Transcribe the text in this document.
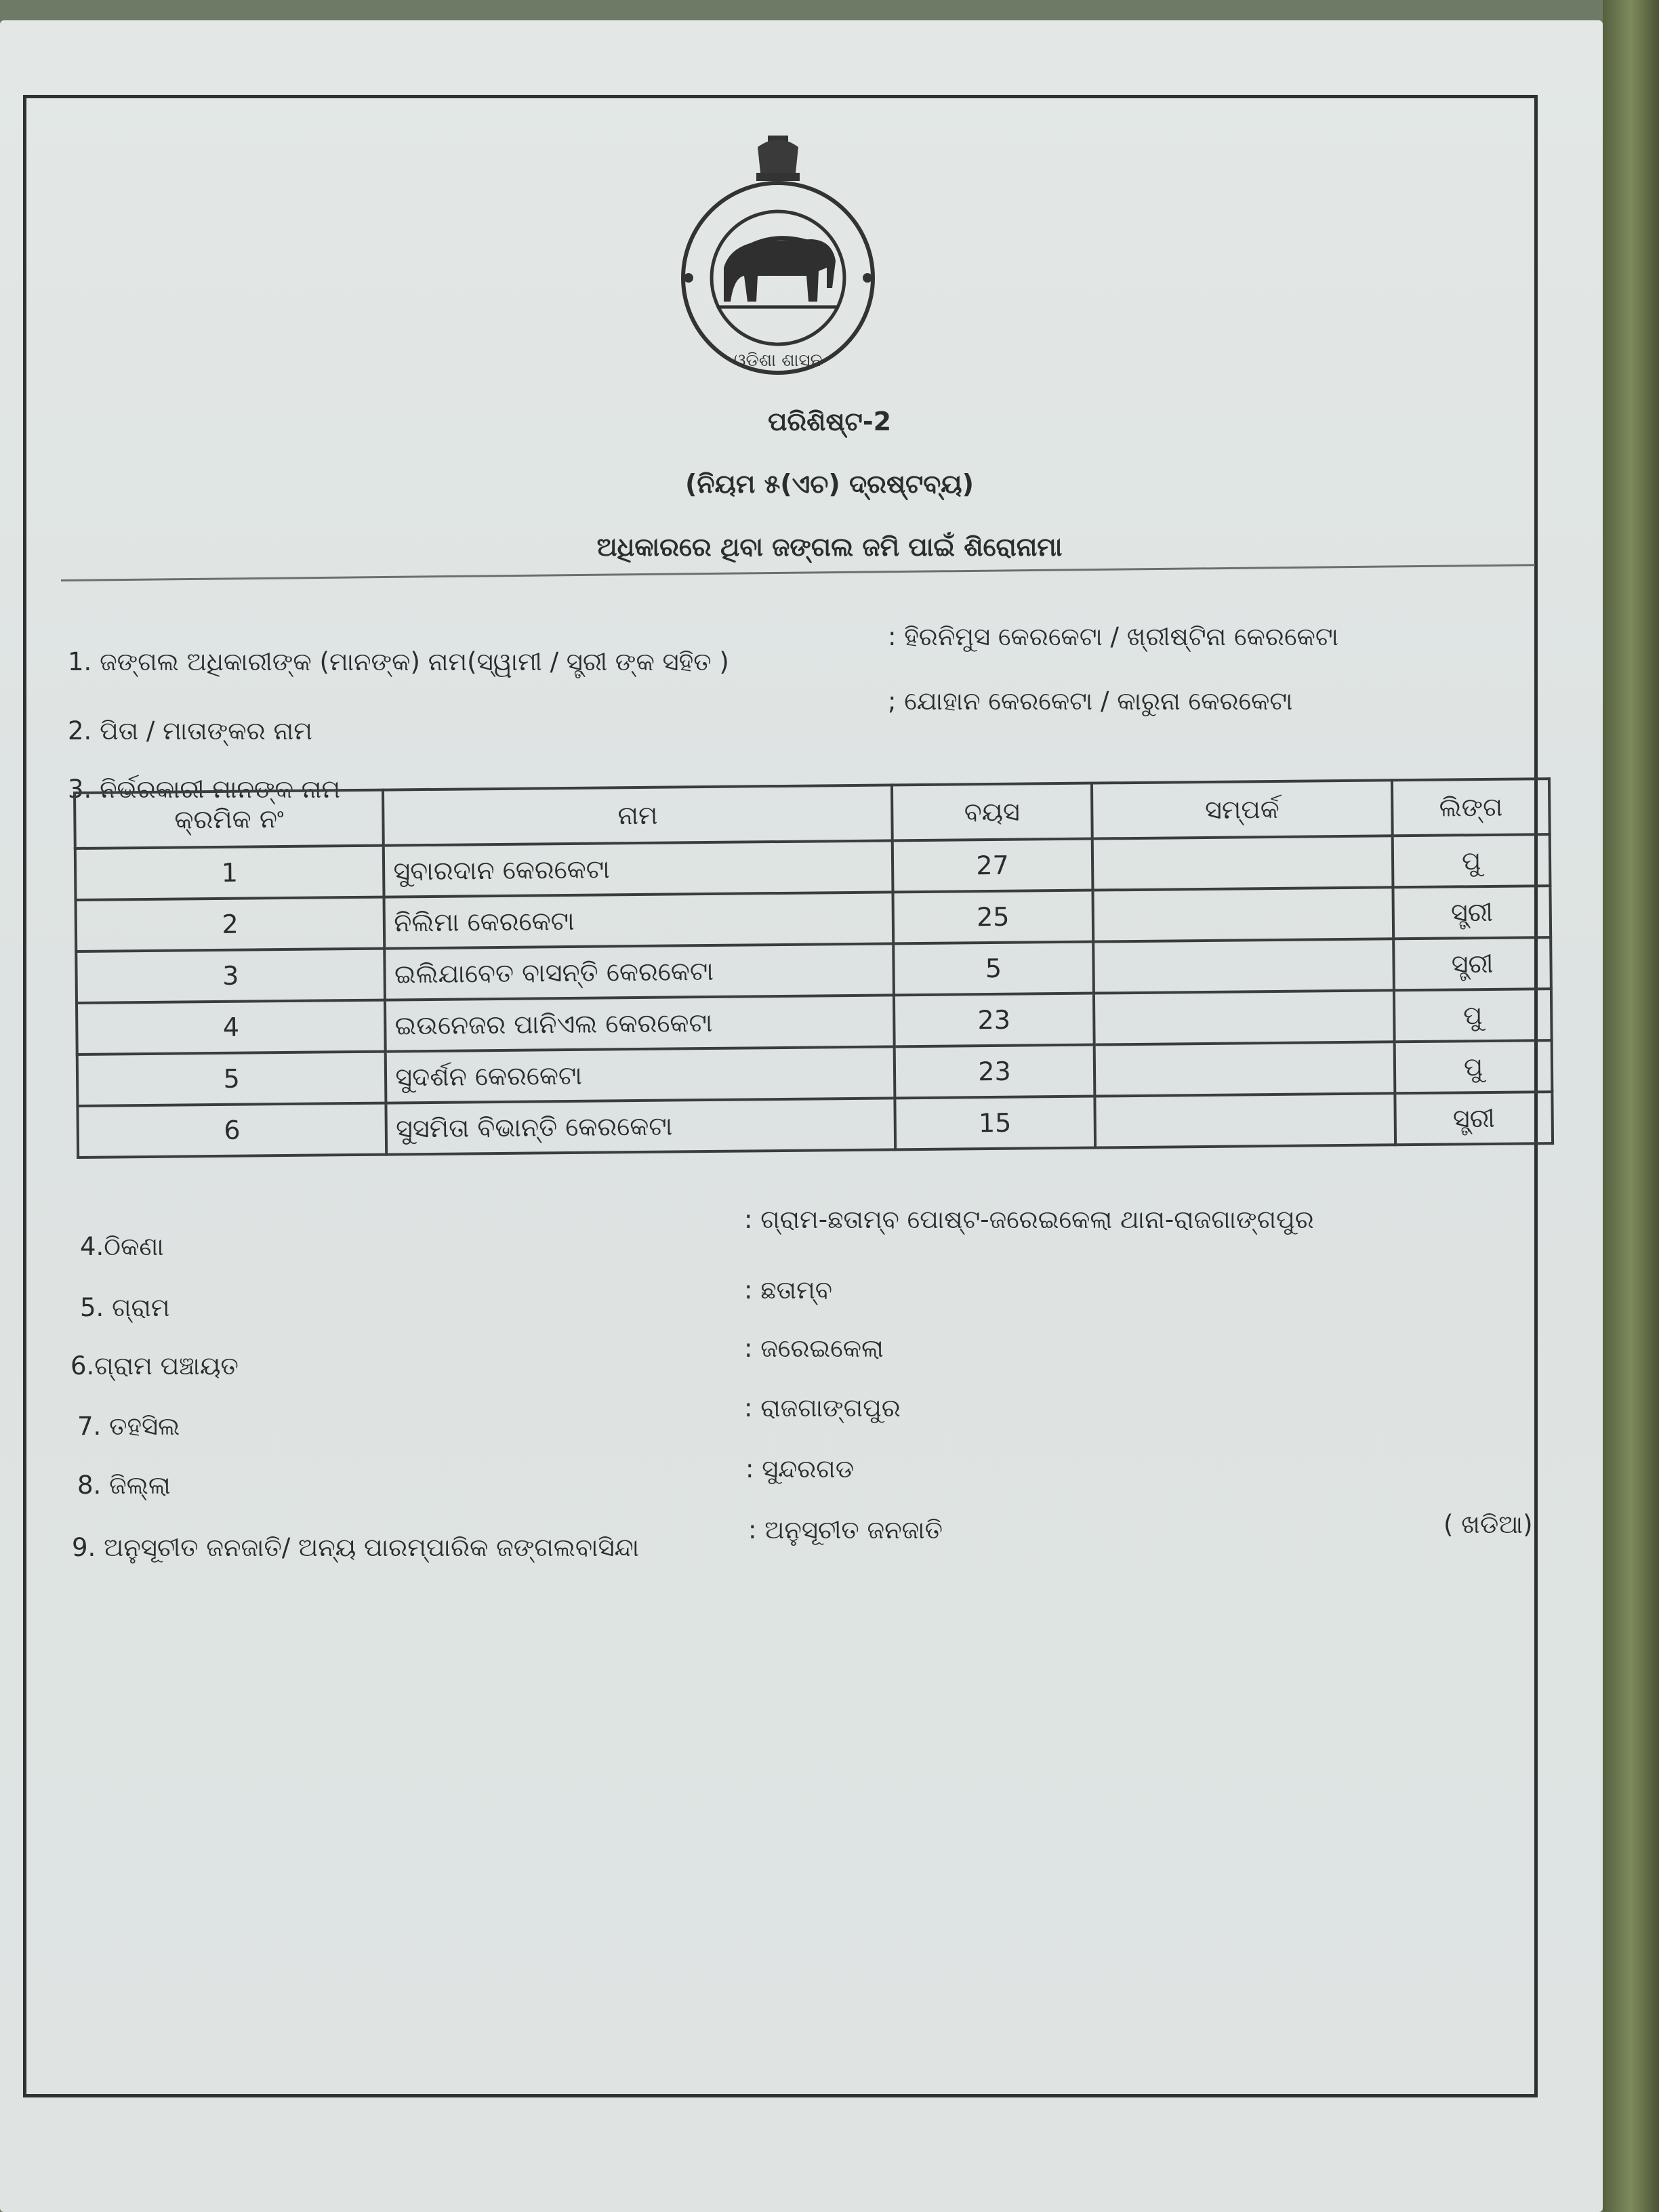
ଓଡ଼ିଶା ଶାସନ
ପରିଶିଷ୍ଟ-2
(ନିୟମ ୫(ଏଚ) ଦ୍ରଷ୍ଟବ୍ୟ)
ଅଧିକାରରେ ଥିବା ଜଙ୍ଗଲ ଜମି ପାଇଁ ଶିରୋନାମା
1. ଜଙ୍ଗଲ ଅଧିକାରୀଙ୍କ (ମାନଙ୍କ) ନାମ(ସ୍ୱାମୀ / ସ୍ତ୍ରୀ ଙ୍କ ସହିତ )
: ହିରନିମୁସ କେରକେଟା / ଖ୍ରୀଷ୍ଟିନା କେରକେଟା
2. ପିତା / ମାତାଙ୍କର ନାମ
; ଯୋହାନ କେରକେଟା / କାରୁନା କେରକେଟା
3. ନିର୍ଭରକାରୀ ମାନଙ୍କ ନାମ
କ୍ରମିକ ନଂ	ନାମ	ବୟସ	ସମ୍ପର୍କ	ଲିଙ୍ଗ
1	ସୁବାରଦାନ କେରକେଟା	27		ପୁ
2	ନିଲିମା କେରକେଟା	25		ସ୍ତ୍ରୀ
3	ଇଲିଯାବେତ ବାସନ୍ତି କେରକେଟା	5		ସ୍ତ୍ରୀ
4	ଇଉନେଜର ପାନିଏଲ କେରକେଟା	23		ପୁ
5	ସୁଦର୍ଶନ କେରକେଟା	23		ପୁ
6	ସୁସମିତା ବିଭାନ୍ତି କେରକେଟା	15		ସ୍ତ୍ରୀ
4.ଠିକଣା
: ଗ୍ରାମ-ଛତାମ୍ବ ପୋଷ୍ଟ-ଜରେଇକେଲା ଥାନା-ରାଜଗାଙ୍ଗପୁର
5. ଗ୍ରାମ
: ଛତାମ୍ବ
6.ଗ୍ରାମ ପଞ୍ଚାୟତ
: ଜରେଇକେଲା
7. ତହସିଲ
: ରାଜଗାଙ୍ଗପୁର
8. ଜିଲ୍ଲା
: ସୁନ୍ଦରଗଡ
9. ଅନୁସୂଚୀତ ଜନଜାତି/ ଅନ୍ୟ ପାରମ୍ପାରିକ ଜଙ୍ଗଲବାସିନ୍ଦା
: ଅନୁସୂଚୀତ ଜନଜାତି	( ଖଡିଆ)
